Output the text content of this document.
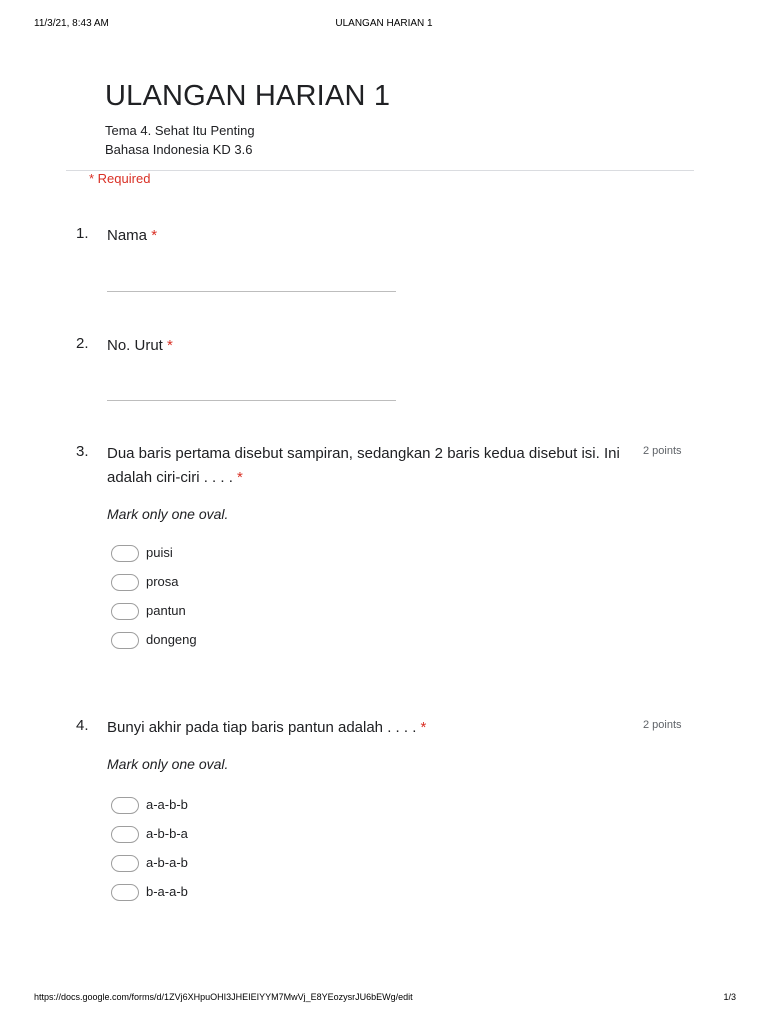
11/3/21, 8:43 AM	ULANGAN HARIAN 1
ULANGAN HARIAN 1
Tema 4. Sehat Itu Penting
Bahasa Indonesia KD 3.6
* Required
1. Nama *
2. No. Urut *
3. Dua baris pertama disebut sampiran, sedangkan 2 baris kedua disebut isi. Ini
adalah ciri-ciri . . . . *
2 points
Mark only one oval.
puisi
prosa
pantun
dongeng
4. Bunyi akhir pada tiap baris pantun adalah . . . . *	2 points
Mark only one oval.
a-a-b-b
a-b-b-a
a-b-a-b
b-a-a-b
https://docs.google.com/forms/d/1ZVj6XHpuOHI3JHEIEIYYM7MwVj_E8YEozysrJU6bEWg/edit	1/3
